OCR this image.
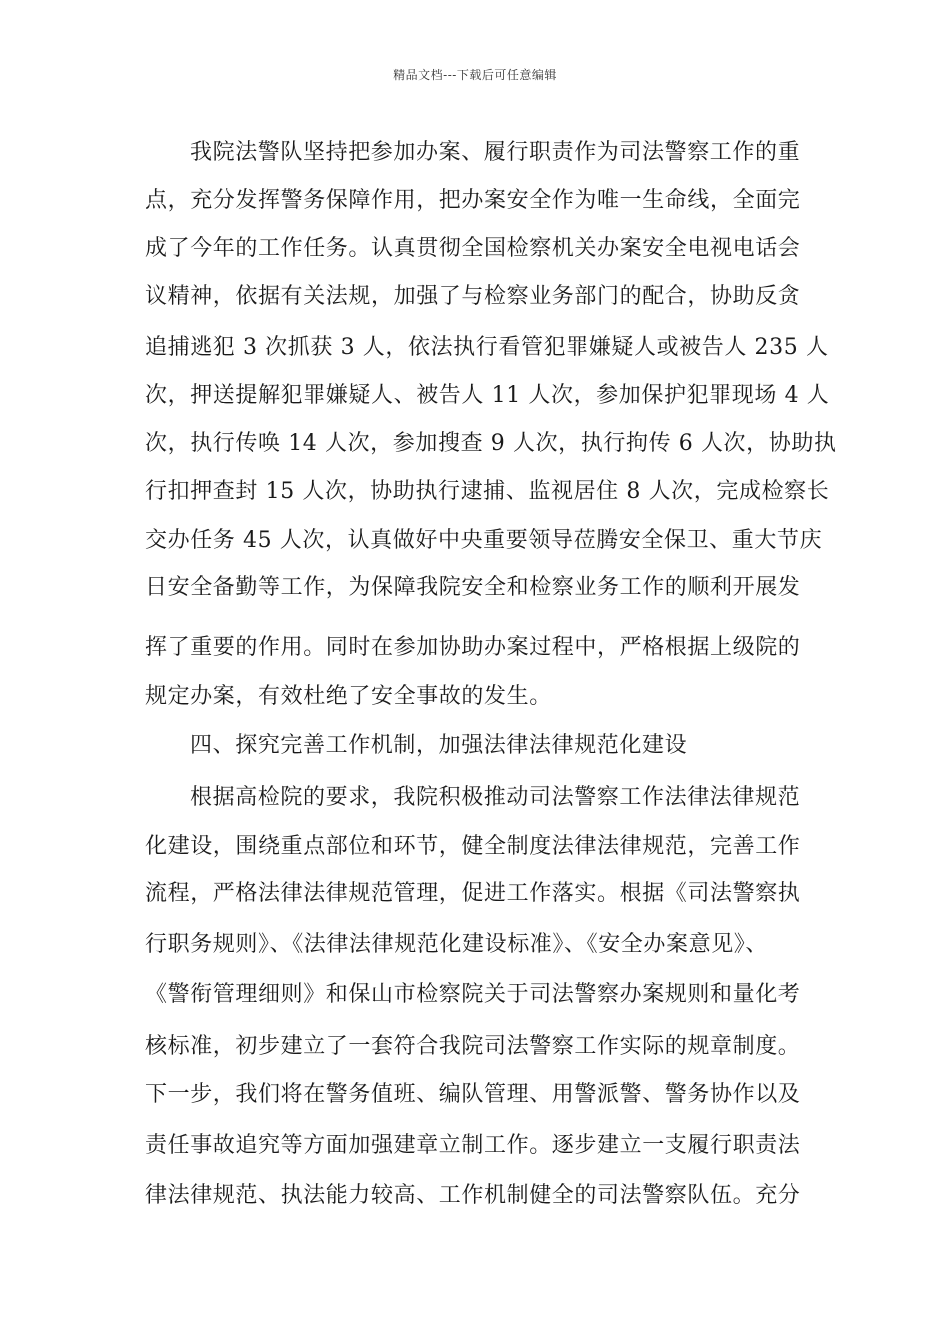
精品文档---下载后可任意编辑
我院法警队坚持把参加办案、履行职责作为司法警察工作的重
点，充分发挥警务保障作用，把办案安全作为唯一生命线，全面完
成了今年的工作任务。认真贯彻全国检察机关办案安全电视电话会
议精神，依据有关法规，加强了与检察业务部门的配合，协助反贪
追捕逃犯 3 次抓获 3 人，依法执行看管犯罪嫌疑人或被告人 235 人
次，押送提解犯罪嫌疑人、被告人 11 人次，参加保护犯罪现场 4 人
次，执行传唤 14 人次，参加搜查 9 人次，执行拘传 6 人次，协助执
行扣押查封 15 人次，协助执行逮捕、监视居住 8 人次，完成检察长
交办任务 45 人次，认真做好中央重要领导莅腾安全保卫、重大节庆
日安全备勤等工作，为保障我院安全和检察业务工作的顺利开展发
挥了重要的作用。同时在参加协助办案过程中，严格根据上级院的
规定办案，有效杜绝了安全事故的发生。
四、探究完善工作机制，加强法律法律规范化建设
根据高检院的要求，我院积极推动司法警察工作法律法律规范
化建设，围绕重点部位和环节，健全制度法律法律规范，完善工作
流程，严格法律法律规范管理，促进工作落实。根据《司法警察执
行职务规则》、《法律法律规范化建设标准》、《安全办案意见》、
《警衔管理细则》和保山市检察院关于司法警察办案规则和量化考
核标准，初步建立了一套符合我院司法警察工作实际的规章制度。
下一步，我们将在警务值班、编队管理、用警派警、警务协作以及
责任事故追究等方面加强建章立制工作。逐步建立一支履行职责法
律法律规范、执法能力较高、工作机制健全的司法警察队伍。充分
